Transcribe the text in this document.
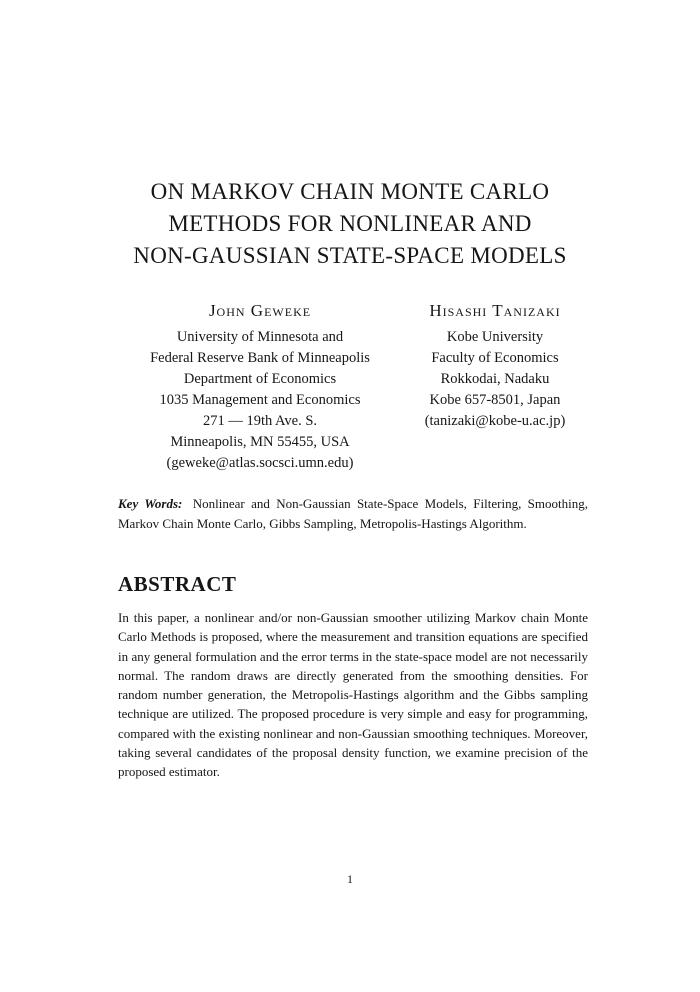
ON MARKOV CHAIN MONTE CARLO
METHODS FOR NONLINEAR AND
NON-GAUSSIAN STATE-SPACE MODELS
John Geweke
University of Minnesota and
Federal Reserve Bank of Minneapolis
Department of Economics
1035 Management and Economics
271 — 19th Ave. S.
Minneapolis, MN 55455, USA
(geweke@atlas.socsci.umn.edu)
Hisashi Tanizaki
Kobe University
Faculty of Economics
Rokkodai, Nadaku
Kobe 657-8501, Japan
(tanizaki@kobe-u.ac.jp)
Key Words: Nonlinear and Non-Gaussian State-Space Models, Filtering, Smoothing, Markov Chain Monte Carlo, Gibbs Sampling, Metropolis-Hastings Algorithm.
ABSTRACT
In this paper, a nonlinear and/or non-Gaussian smoother utilizing Markov chain Monte Carlo Methods is proposed, where the measurement and transition equations are specified in any general formulation and the error terms in the state-space model are not necessarily normal. The random draws are directly generated from the smoothing densities. For random number generation, the Metropolis-Hastings algorithm and the Gibbs sampling technique are utilized. The proposed procedure is very simple and easy for programming, compared with the existing nonlinear and non-Gaussian smoothing techniques. Moreover, taking several candidates of the proposal density function, we examine precision of the proposed estimator.
1
